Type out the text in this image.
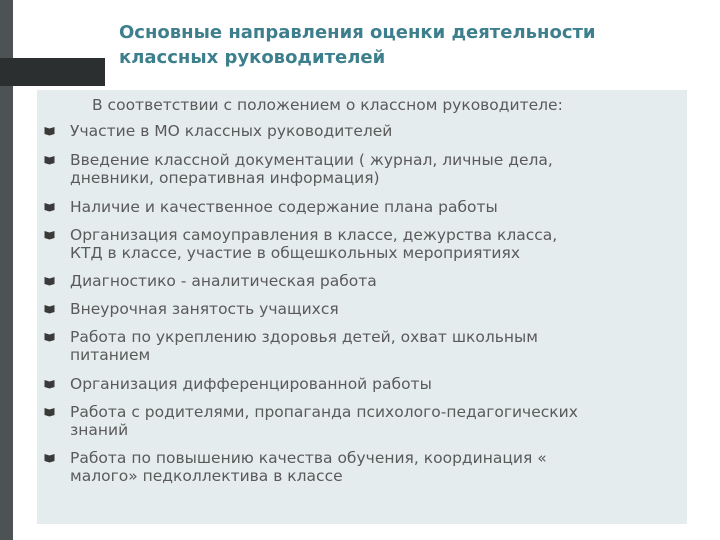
Основные направления оценки деятельности
классных руководителей
В соответствии с положением о классном руководителе:
Участие в МО классных руководителей
Введение классной документации ( журнал, личные дела,
дневники, оперативная информация)
Наличие и качественное содержание плана работы
Организация самоуправления в классе, дежурства класса,
КТД в классе, участие в общешкольных мероприятиях
Диагностико - аналитическая работа
Внеурочная занятость учащихся
Работа по укреплению здоровья детей, охват школьным
питанием
Организация дифференцированной работы
Работа с родителями, пропаганда психолого-педагогических
знаний
Работа по повышению качества обучения, координация «
малого» педколлектива в классе
